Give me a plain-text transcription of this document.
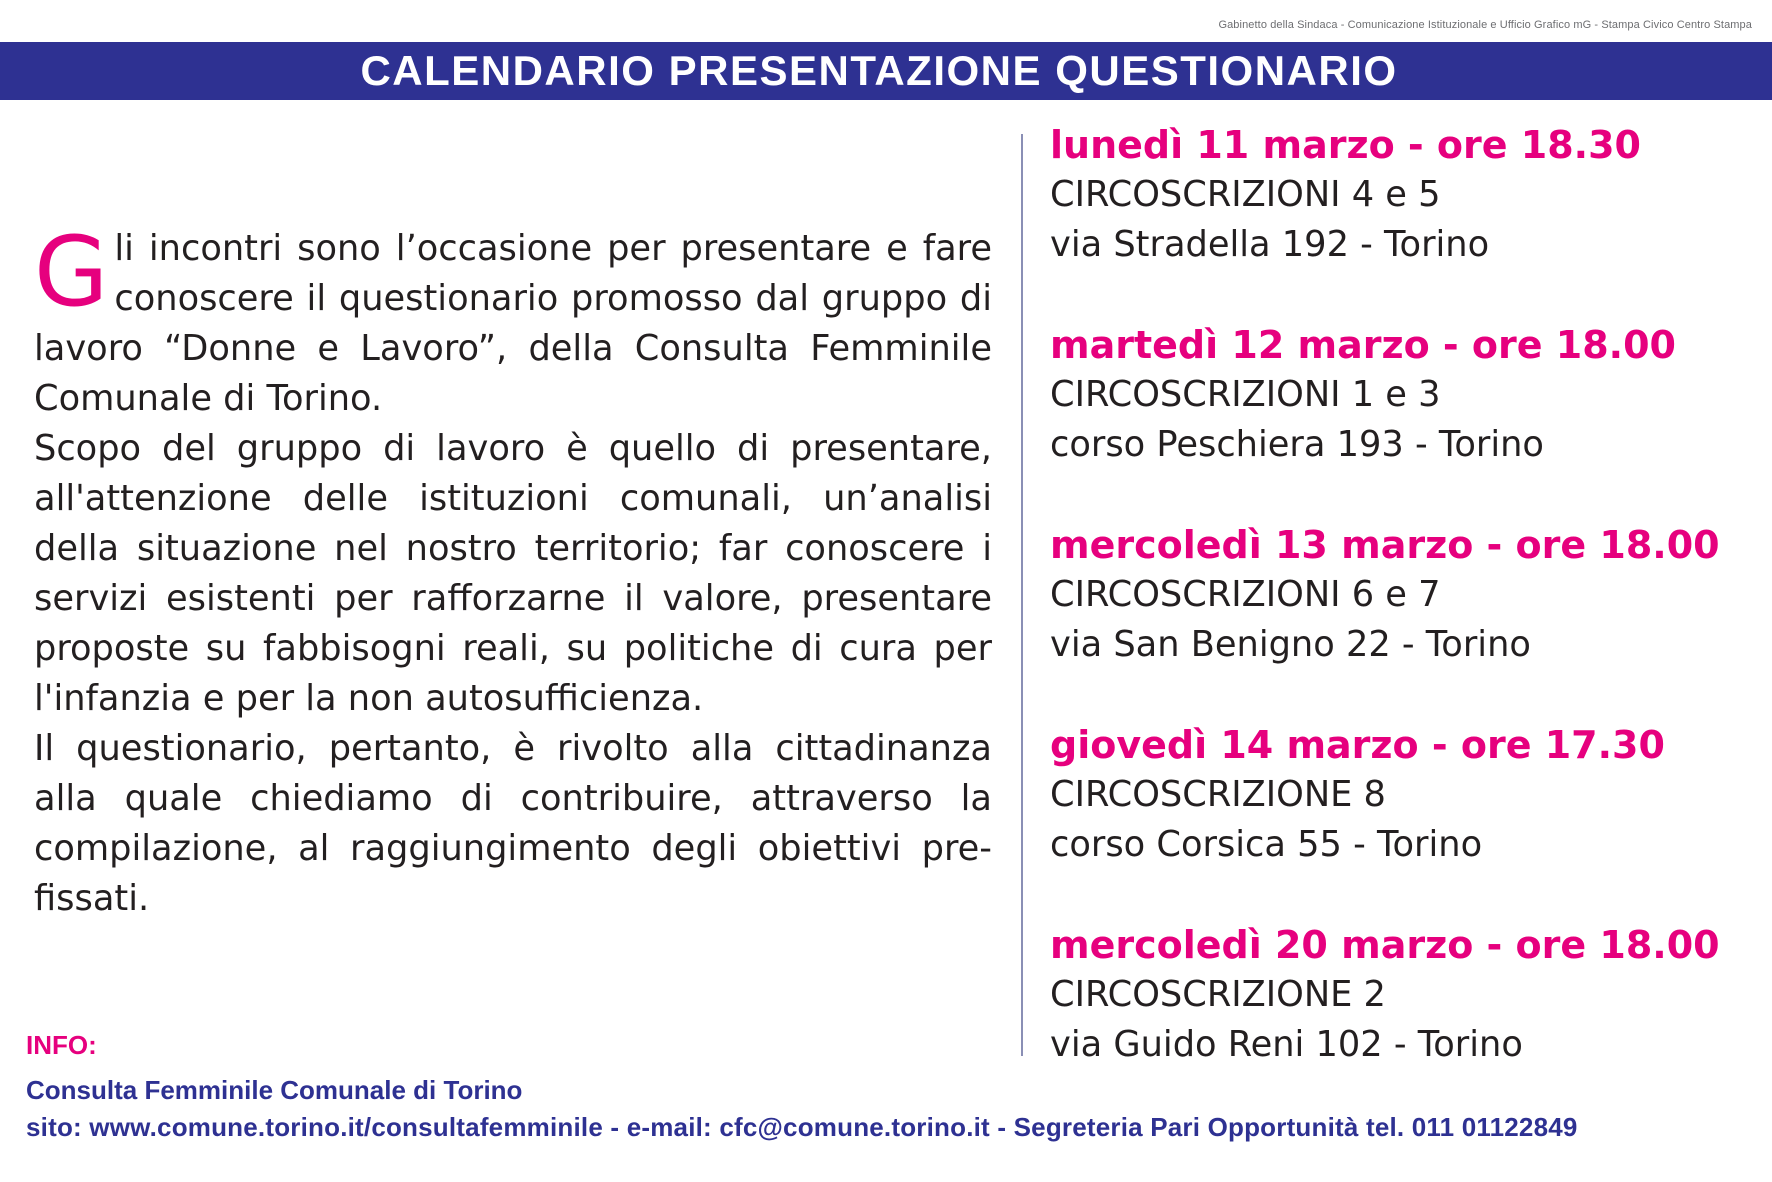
Gabinetto della Sindaca - Comunicazione Istituzionale e Ufficio Grafico mG - Stampa Civico Centro Stampa
CALENDARIO PRESENTAZIONE QUESTIONARIO

Gli incontri sono l’occasione per presentare e fare conoscere il questionario promosso dal gruppo di lavoro “Donne e Lavoro”, della Consulta Femminile Comunale di Torino.

Scopo del gruppo di lavoro è quello di presentare, all'attenzione delle istituzioni comunali, un’analisi della situazione nel nostro territorio; far conoscere i servizi esistenti per rafforzarne il valore, presentare proposte su fabbisogni reali, su politiche di cura per l'infanzia e per la non autosufficienza.

Il questionario, pertanto, è rivolto alla cittadinanza alla quale chiediamo di contribuire, attraverso la compilazione, al raggiungimento degli obiettivi pre-fissati.

lunedì 11 marzo - ore 18.30
CIRCOSCRIZIONI 4 e 5
via Stradella 192 - Torino
martedì 12 marzo - ore 18.00
CIRCOSCRIZIONI 1 e 3
corso Peschiera 193 - Torino
mercoledì 13 marzo - ore 18.00
CIRCOSCRIZIONI 6 e 7
via San Benigno 22 - Torino
giovedì 14 marzo - ore 17.30
CIRCOSCRIZIONE 8
corso Corsica 55 - Torino
mercoledì 20 marzo - ore 18.00
CIRCOSCRIZIONE 2
via Guido Reni 102 - Torino
INFO:
Consulta Femminile Comunale di Torino
sito: www.comune.torino.it/consultafemminile - e-mail: cfc@comune.torino.it - Segreteria Pari Opportunità tel. 011 01122849
